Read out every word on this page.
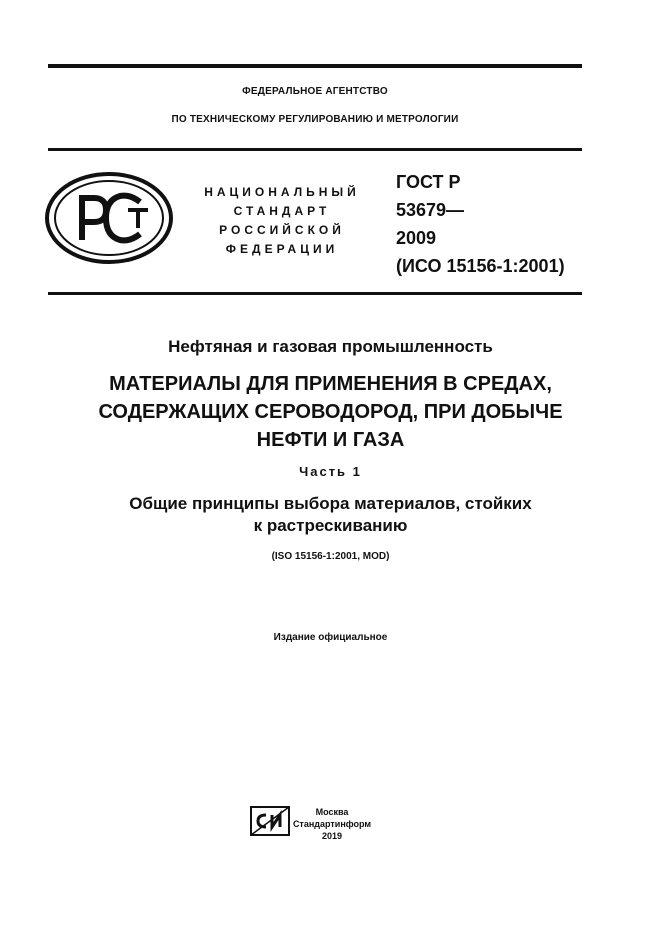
ФЕДЕРАЛЬНОЕ АГЕНТСТВО
ПО ТЕХНИЧЕСКОМУ РЕГУЛИРОВАНИЮ И МЕТРОЛОГИИ
НАЦИОНАЛЬНЫЙ
СТАНДАРТ
РОССИЙСКОЙ
ФЕДЕРАЦИИ
ГОСТ Р
53679—
2009
(ИСО 15156-1:2001)
Нефтяная и газовая промышленность
МАТЕРИАЛЫ ДЛЯ ПРИМЕНЕНИЯ В СРЕДАХ,
СОДЕРЖАЩИХ СЕРОВОДОРОД, ПРИ ДОБЫЧЕ
НЕФТИ И ГАЗА
Часть 1
Общие принципы выбора материалов, стойких
к растрескиванию
(ISO 15156-1:2001, MOD)
Издание официальное
Москва
Стандартинформ
2019
